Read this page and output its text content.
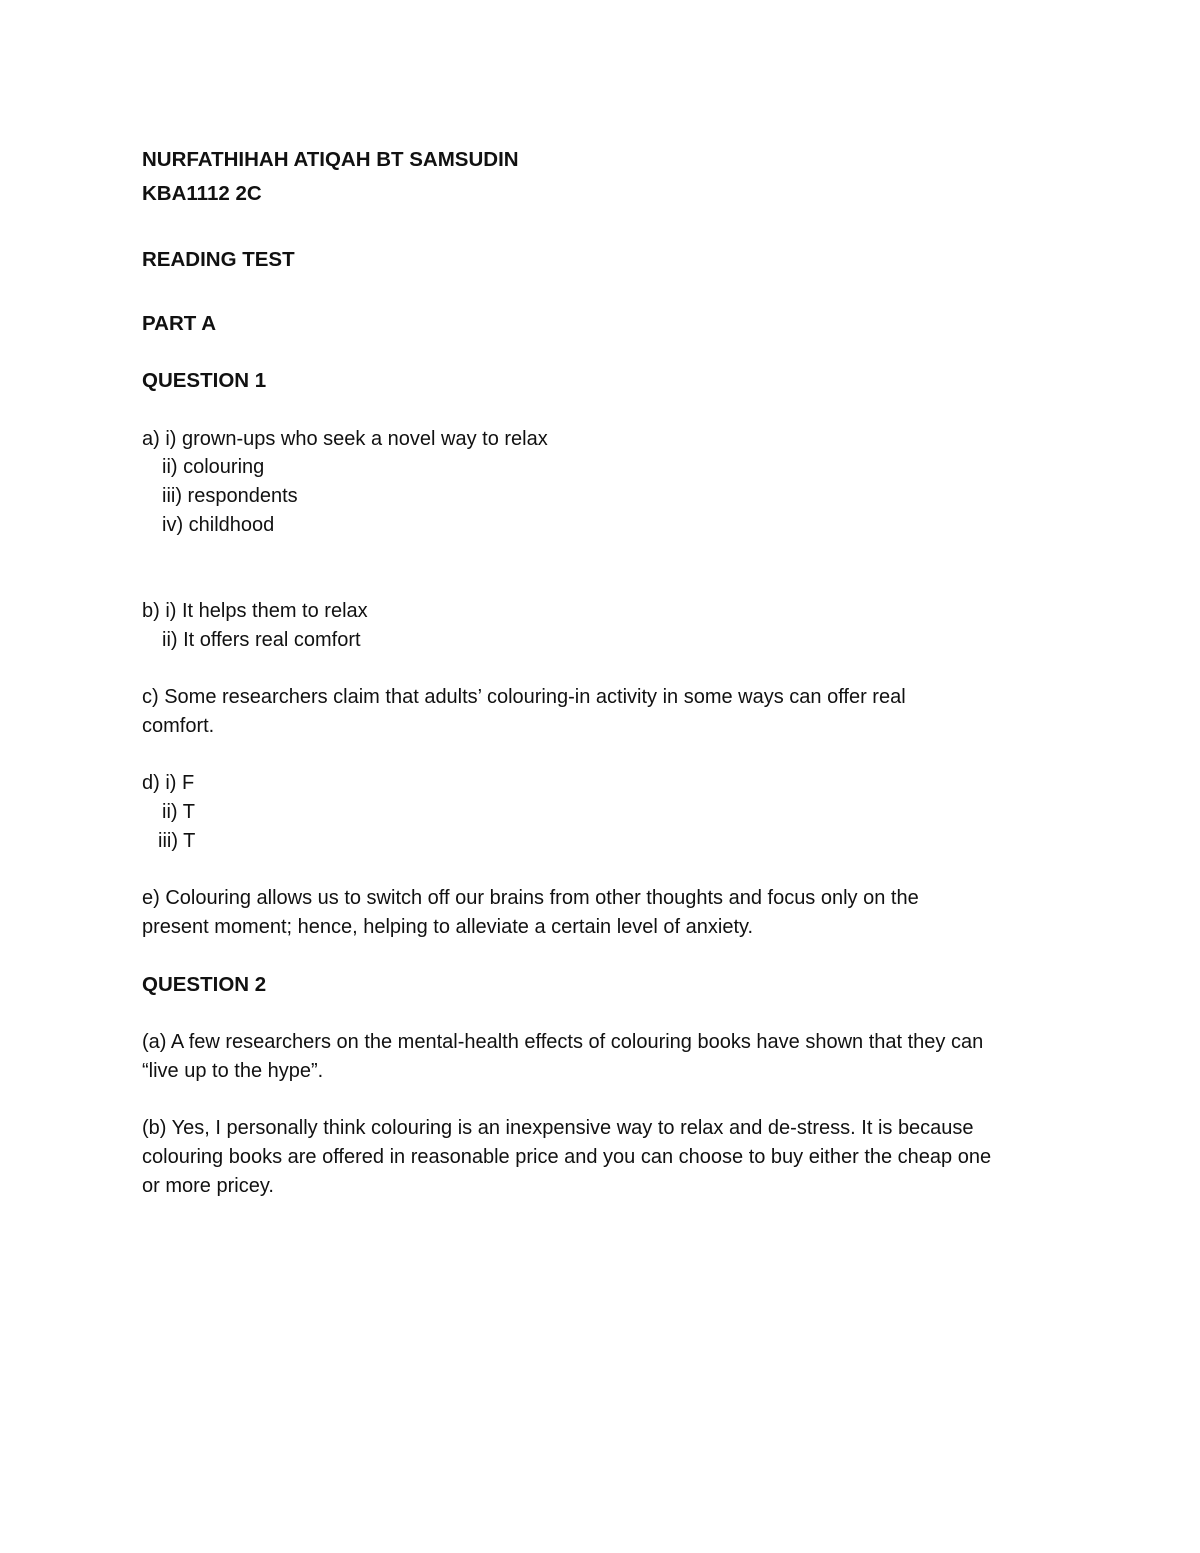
NURFATHIHAH ATIQAH BT SAMSUDIN

KBA1112 2C

READING TEST

PART A

QUESTION 1

a) i) grown-ups who seek a novel way to relax

ii) colouring

iii) respondents

iv) childhood

b) i) It helps them to relax

ii) It offers real comfort

c) Some researchers claim that adults’ colouring-in activity in some ways can offer real

comfort.

d) i) F

ii) T

iii) T

e) Colouring allows us to switch off our brains from other thoughts and focus only on the

present moment; hence, helping to alleviate a certain level of anxiety.

QUESTION 2

(a) A few researchers on the mental-health effects of colouring books have shown that they can

“live up to the hype”.

(b) Yes, I personally think colouring is an inexpensive way to relax and de-stress. It is because

colouring books are offered in reasonable price and you can choose to buy either the cheap one

or more pricey.
